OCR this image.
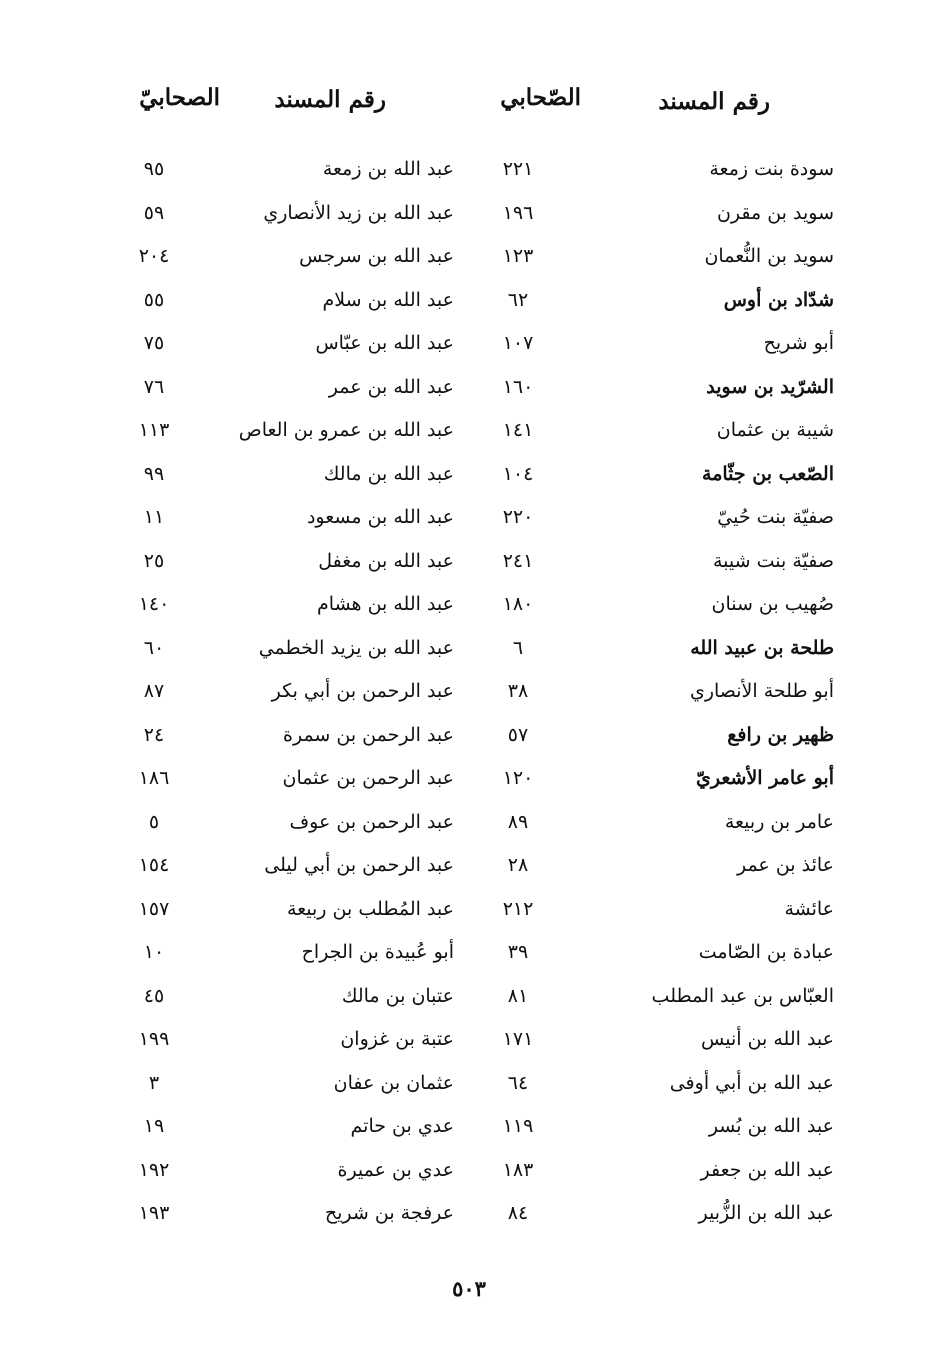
الصحابيّ رقم المسند	الصّحابي	رقم المسند
سودة بنت زمعة
٢٢١
عبد الله بن زمعة
٩٥
سويد بن مقرن
١٩٦
عبد الله بن زيد الأنصاري
٥٩
سويد بن النُّعمان
١٢٣
عبد الله بن سرجس
٢٠٤
شدّاد بن أوس
٦٢
عبد الله بن سلام
٥٥
أبو شريح
١٠٧
عبد الله بن عبّاس
٧٥
الشرّيد بن سويد
١٦٠
عبد الله بن عمر
٧٦
شيبة بن عثمان
١٤١
عبد الله بن عمرو بن العاص
١١٣
الصّعب بن جثّامة
١٠٤
عبد الله بن مالك
٩٩
صفيّة بنت حُييّ
٢٢٠
عبد الله بن مسعود
١١
صفيّة بنت شيبة
٢٤١
عبد الله بن مغفل
٢٥
صُهيب بن سنان
١٨٠
عبد الله بن هشام
١٤٠
طلحة بن عبيد الله
٦
عبد الله بن يزيد الخطمي
٦٠
أبو طلحة الأنصاري
٣٨
عبد الرحمن بن أبي بكر
٨٧
ظهير بن رافع
٥٧
عبد الرحمن بن سمرة
٢٤
أبو عامر الأشعريّ
١٢٠
عبد الرحمن بن عثمان
١٨٦
عامر بن ربيعة
٨٩
عبد الرحمن بن عوف
٥
عائذ بن عمر
٢٨
عبد الرحمن بن أبي ليلى
١٥٤
عائشة
٢١٢
عبد المُطلب بن ربيعة
١٥٧
عبادة بن الصّامت
٣٩
أبو عُبيدة بن الجراح
١٠
العبّاس بن عبد المطلب
٨١
عتبان بن مالك
٤٥
عبد الله بن أنيس
١٧١
عتبة بن غزوان
١٩٩
عبد الله بن أبي أوفى
٦٤
عثمان بن عفان
٣
عبد الله بن بُسر
١١٩
عدي بن حاتم
١٩
عبد الله بن جعفر
١٨٣
عدي بن عميرة
١٩٢
عبد الله بن الزُّبير
٨٤
عرفجة بن شريح
١٩٣
٥٠٣
